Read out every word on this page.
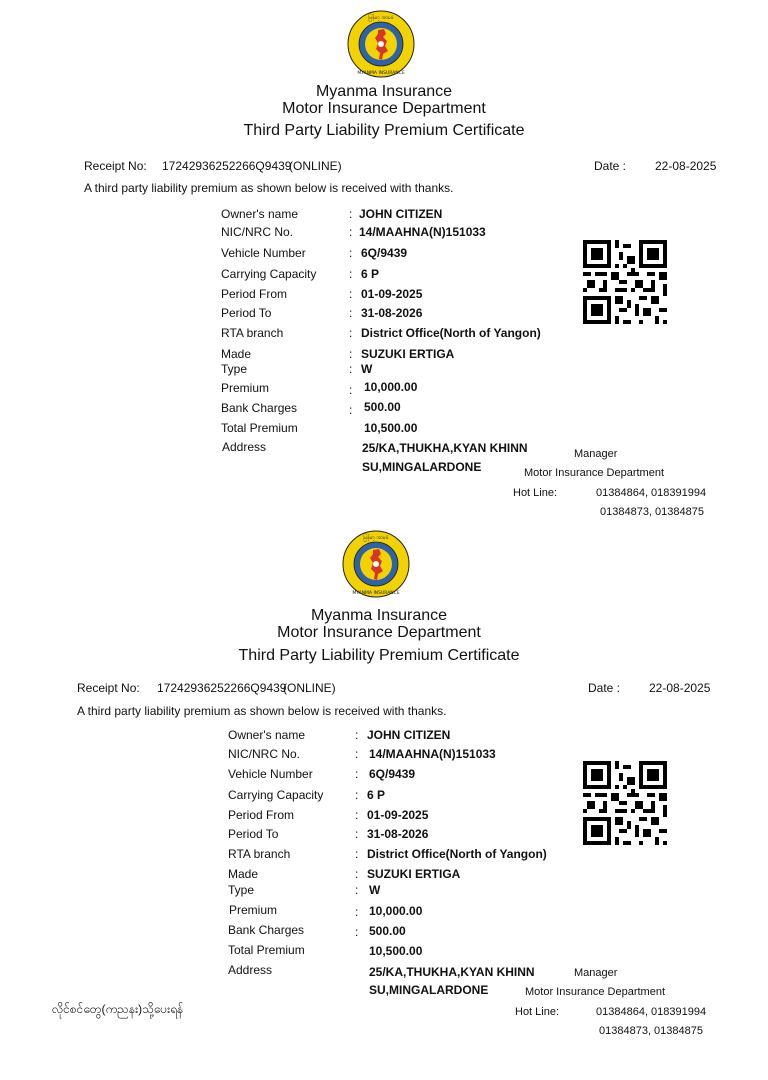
မြန်မာ့ အာမခံ
MYANMA INSURANCE
Myanma Insurance
Motor Insurance Department
Third Party Liability Premium Certificate
Receipt No: 17242936252266Q9439
(ONLINE)	Date : 22-08-2025
A third party liability premium as shown below is received with thanks.
Owner's name	: JOHN CITIZEN
NIC/NRC No.	: 14/MAAHNA(N)151033
Vehicle Number	: 6Q/9439
Carrying Capacity	: 6 P
Period From	: 01-09-2025
Period To	: 31-08-2026
RTA branch	: District Office(North of Yangon)
Made	: SUZUKI ERTIGA
Type	: W
Premium	: 10,000.00
Bank Charges	: 500.00
Total Premium	10,500.00
Address	25/KA,THUKHA,KYAN KHINN
SU,MINGALARDONE
Manager
Motor Insurance Department
Hot Line:	01384864, 018391994
01384873, 01384875
မြန်မာ့ အာမခံ
MYANMA INSURANCE
Myanma Insurance
Motor Insurance Department
Third Party Liability Premium Certificate
Receipt No: 17242936252266Q9439
(ONLINE)	Date : 22-08-2025
A third party liability premium as shown below is received with thanks.
Owner's name	: JOHN CITIZEN
NIC/NRC No.	: 14/MAAHNA(N)151033
Vehicle Number	: 6Q/9439
Carrying Capacity	: 6 P
Period From	: 01-09-2025
Period To	: 31-08-2026
RTA branch	: District Office(North of Yangon)
Made	: SUZUKI ERTIGA
Type	: W
Premium	: 10,000.00
Bank Charges	: 500.00
Total Premium	10,500.00
Address	25/KA,THUKHA,KYAN KHINN
SU,MINGALARDONE
Manager
Motor Insurance Department
Hot Line:	01384864, 018391994
01384873, 01384875
လိုင်စင်တွေ(ကညနး)သို့ပေးရန်
